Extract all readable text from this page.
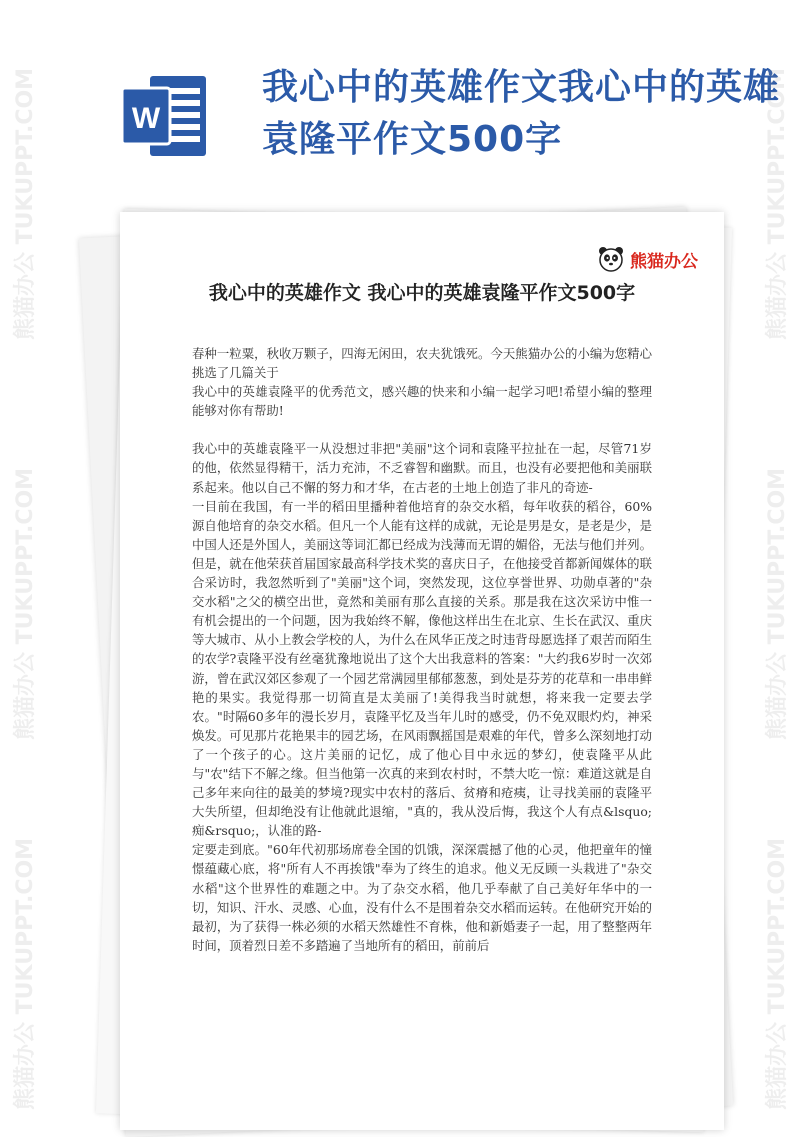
W
我心中的英雄作文我心中的英雄袁隆平作文500字
熊猫办公
我心中的英雄作文 我心中的英雄袁隆平作文500字

春种一粒粟，秋收万颗子，四海无闲田，农夫犹饿死。今天熊猫办公的小编为您精心挑选了几篇关于

我心中的英雄袁隆平的优秀范文，感兴趣的快来和小编一起学习吧!希望小编的整理能够对你有帮助!

我心中的英雄袁隆平一从没想过非把"美丽"这个词和袁隆平拉扯在一起，尽管71岁的他，依然显得精干，活力充沛，不乏睿智和幽默。而且，也没有必要把他和美丽联系起来。他以自己不懈的努力和才华，在古老的土地上创造了非凡的奇迹-

一目前在我国，有一半的稻田里播种着他培育的杂交水稻，每年收获的稻谷，60%源自他培育的杂交水稻。但凡一个人能有这样的成就，无论是男是女，是老是少，是中国人还是外国人，美丽这等词汇都已经成为浅薄而无谓的媚俗，无法与他们并列。但是，就在他荣获首届国家最高科学技术奖的喜庆日子，在他接受首都新闻媒体的联合采访时，我忽然听到了"美丽"这个词，突然发现，这位享誉世界、功勋卓著的"杂交水稻"之父的横空出世，竟然和美丽有那么直接的关系。那是我在这次采访中惟一有机会提出的一个问题，因为我始终不解，像他这样出生在北京、生长在武汉、重庆等大城市、从小上教会学校的人，为什么在风华正茂之时违背母愿选择了艰苦而陌生的农学?袁隆平没有丝毫犹豫地说出了这个大出我意料的答案："大约我6岁时一次郊游，曾在武汉郊区参观了一个园艺常满园里郁郁葱葱，到处是芬芳的花草和一串串鲜艳的果实。我觉得那一切简直是太美丽了!美得我当时就想，将来我一定要去学农。"时隔60多年的漫长岁月，袁隆平忆及当年儿时的感受，仍不免双眼灼灼，神采焕发。可见那片花艳果丰的园艺场，在风雨飘摇国是艰难的年代，曾多么深刻地打动了一个孩子的心。这片美丽的记忆，成了他心目中永远的梦幻，使袁隆平从此与"农"结下不解之缘。但当他第一次真的来到农村时，不禁大吃一惊：难道这就是自己多年来向往的最美的梦境?现实中农村的落后、贫瘠和疮痍，让寻找美丽的袁隆平大失所望，但却绝没有让他就此退缩，"真的，我从没后悔，我这个人有点&lsquo;痴&rsquo;，认准的路-

定要走到底。"60年代初那场席卷全国的饥饿，深深震撼了他的心灵，他把童年的憧憬蕴藏心底，将"所有人不再挨饿"奉为了终生的追求。他义无反顾一头栽进了"杂交水稻"这个世界性的难题之中。为了杂交水稻，他几乎奉献了自己美好年华中的一切，知识、汗水、灵感、心血，没有什么不是围着杂交水稻而运转。在他研究开始的最初，为了获得一株必须的水稻天然雄性不育株，他和新婚妻子一起，用了整整两年时间，顶着烈日差不多踏遍了当地所有的稻田，前前后

熊猫办公 TUKUPPT.COM
熊猫办公 TUKUPPT.COM
熊猫办公 TUKUPPT.COM
熊猫办公 TUKUPPT.COM
